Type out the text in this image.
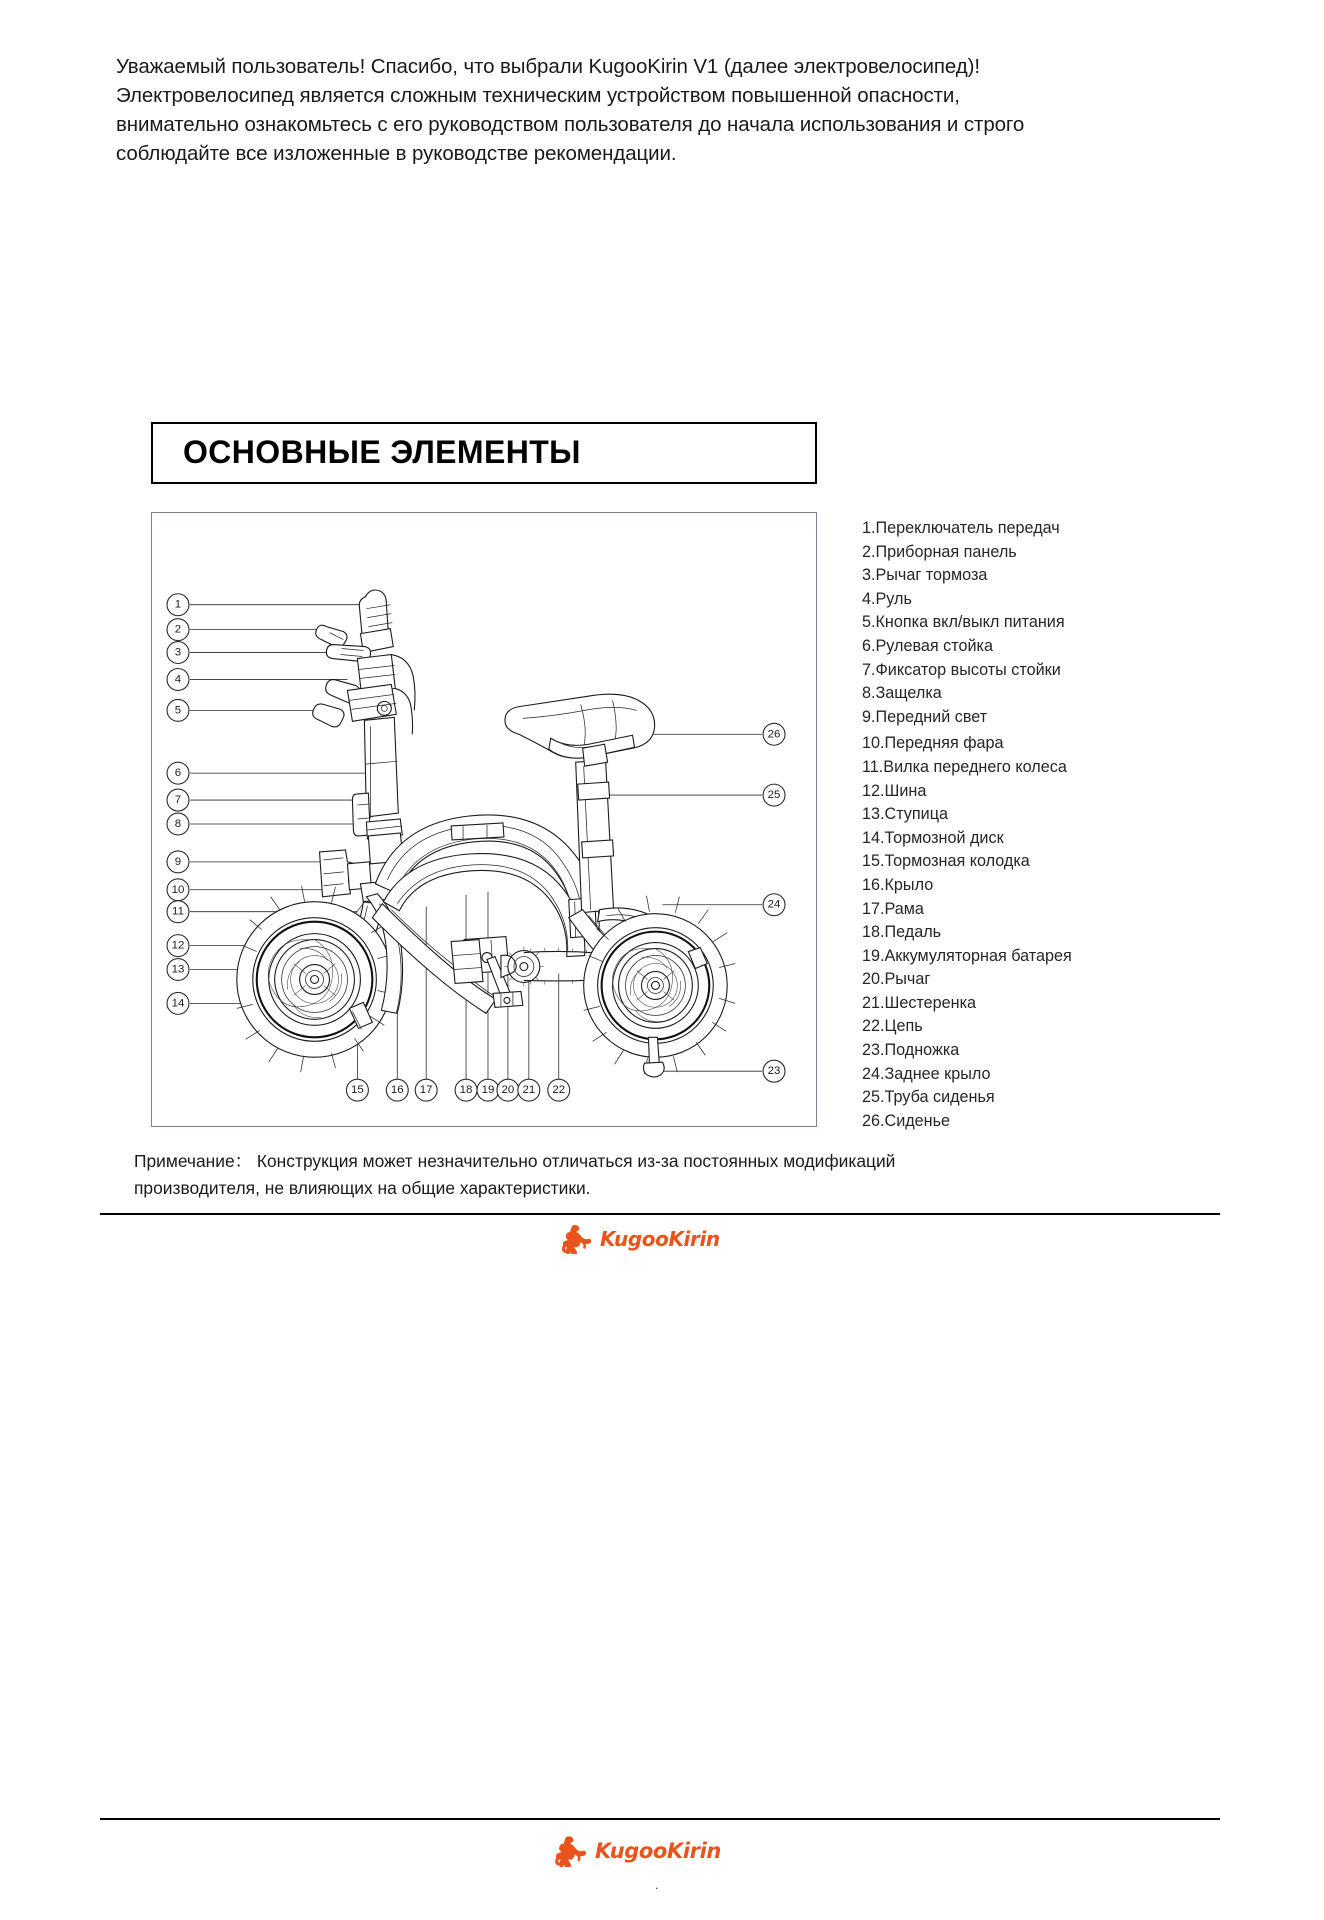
Уважаемый пользователь! Спасибо, что выбрали KugooKirin V1 (далее электровелосипед)!
Электровелосипед является сложным техническим устройством повышенной опасности,
внимательно ознакомьтесь с его руководством пользователя до начала использования и строго
соблюдайте все изложенные в руководстве рекомендации.
ОСНОВНЫЕ ЭЛЕМЕНТЫ
1
2
3
4
5
6
7
8
9
10
11
12
13
14
15 16 17 18 19 20 21 22
26
25
24
23
1.Переключатель передач
2.Приборная панель
3.Рычаг тормоза
4.Руль
5.Кнопка вкл/выкл питания
6.Рулевая стойка
7.Фиксатор высоты стойки
8.Защелка
9.Передний свет
10.Передняя фара
11.Вилка переднего колеса
12.Шина
13.Ступица
14.Тормозной диск
15.Тормозная колодка
16.Крыло
17.Рама
18.Педаль
19.Аккумуляторная батарея
20.Рычаг
21.Шестеренка
22.Цепь
23.Подножка
24.Заднее крыло
25.Труба сиденья
26.Сиденье
Примечание： Конструкция может незначительно отличаться из-за постоянных модификаций
производителя, не влияющих на общие характеристики.
KugooKirin
KugooKirin
.
